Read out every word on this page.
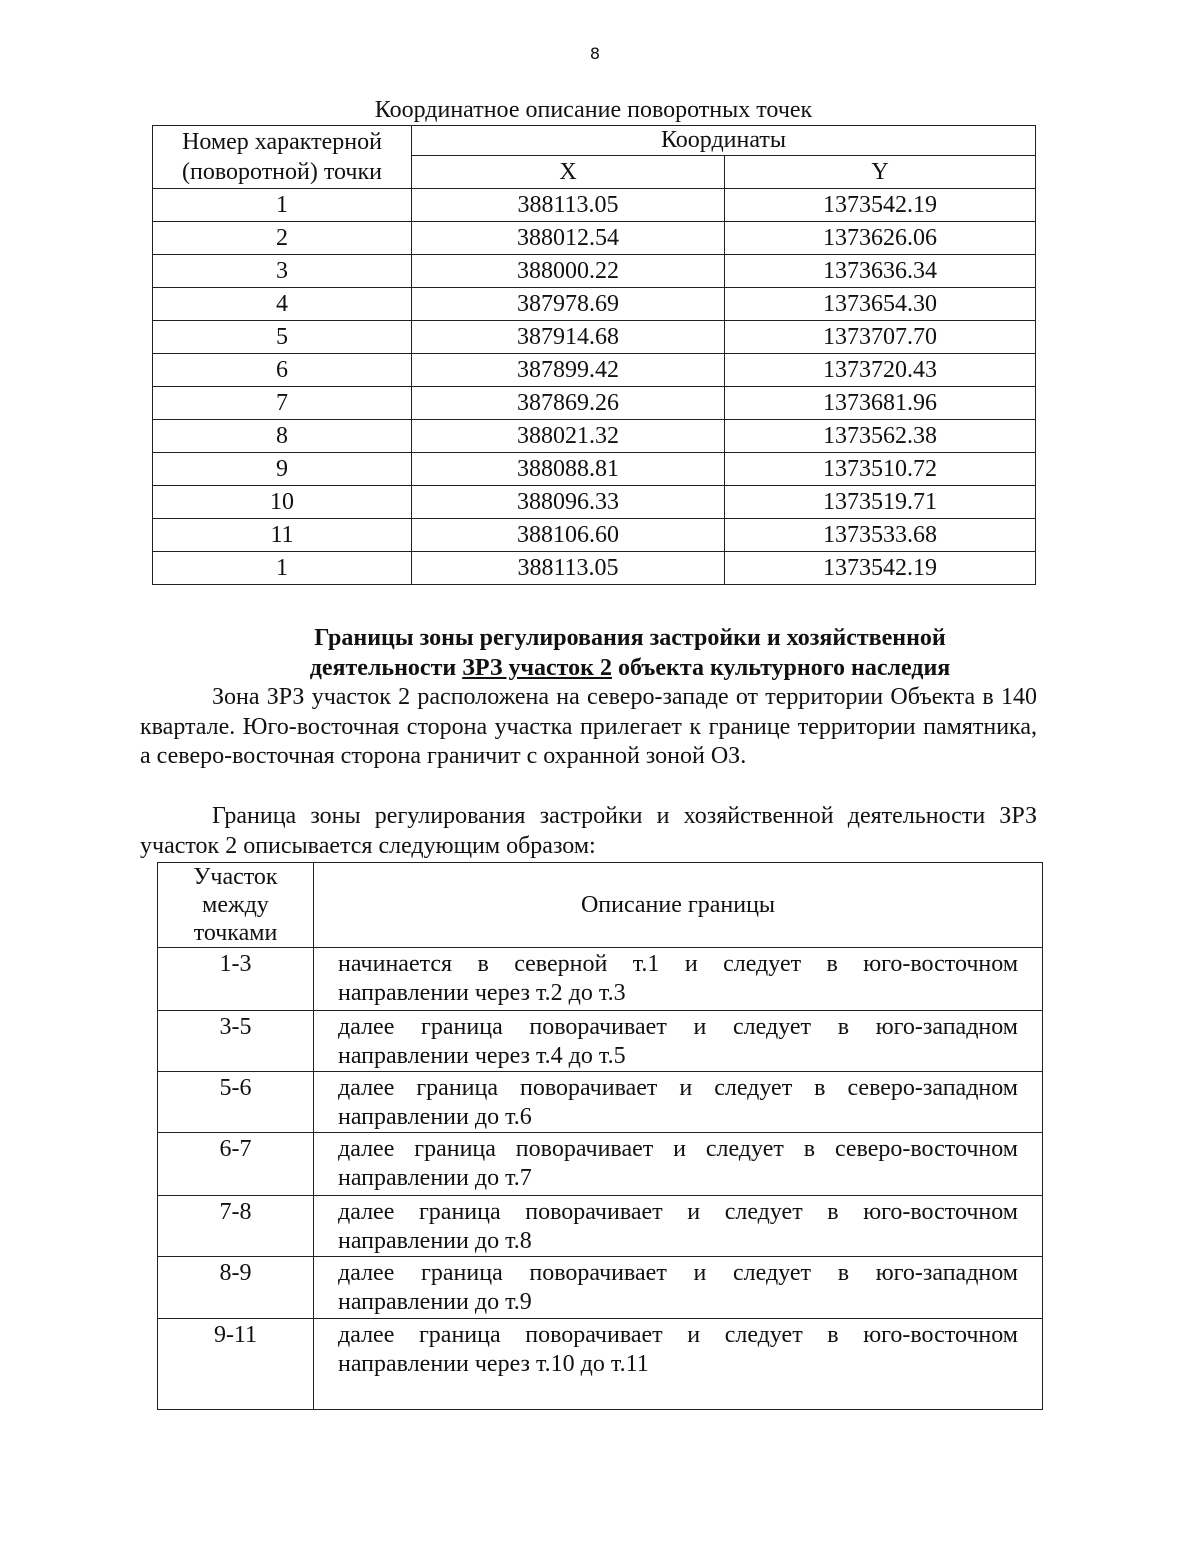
8
Координатное описание поворотных точек
Номер характерной
(поворотной) точки	Координаты	
	X	Y
1	388113.05	1373542.19
2	388012.54	1373626.06
3	388000.22	1373636.34
4	387978.69	1373654.30
5	387914.68	1373707.70
6	387899.42	1373720.43
7	387869.26	1373681.96
8	388021.32	1373562.38
9	388088.81	1373510.72
10	388096.33	1373519.71
11	388106.60	1373533.68
1	388113.05	1373542.19
Границы зоны регулирования застройки и хозяйственной
деятельности ЗРЗ участок 2 объекта культурного наследия
Зона ЗРЗ участок 2 расположена на северо-западе от территории Объекта в 140 квартале. Юго-восточная сторона участка прилегает к границе территории памятника, а северо-восточная сторона граничит с охранной зоной ОЗ.
Граница зоны регулирования застройки и хозяйственной деятельности ЗРЗ участок 2 описывается следующим образом:
Участок
между
точками	Описание границы
1-3	начинается в северной т.1 и следует в юго-восточном направлении через т.2 до т.3
3-5	далее граница поворачивает и следует в юго-западном направлении через т.4 до т.5
5-6	далее граница поворачивает и следует в северо-западном направлении до т.6
6-7	далее граница поворачивает и следует в северо-восточном направлении до т.7
7-8	далее граница поворачивает и следует в юго-восточном направлении до т.8
8-9	далее граница поворачивает и следует в юго-западном направлении до т.9
9-11	далее граница поворачивает и следует в юго-восточном направлении через т.10 до т.11
